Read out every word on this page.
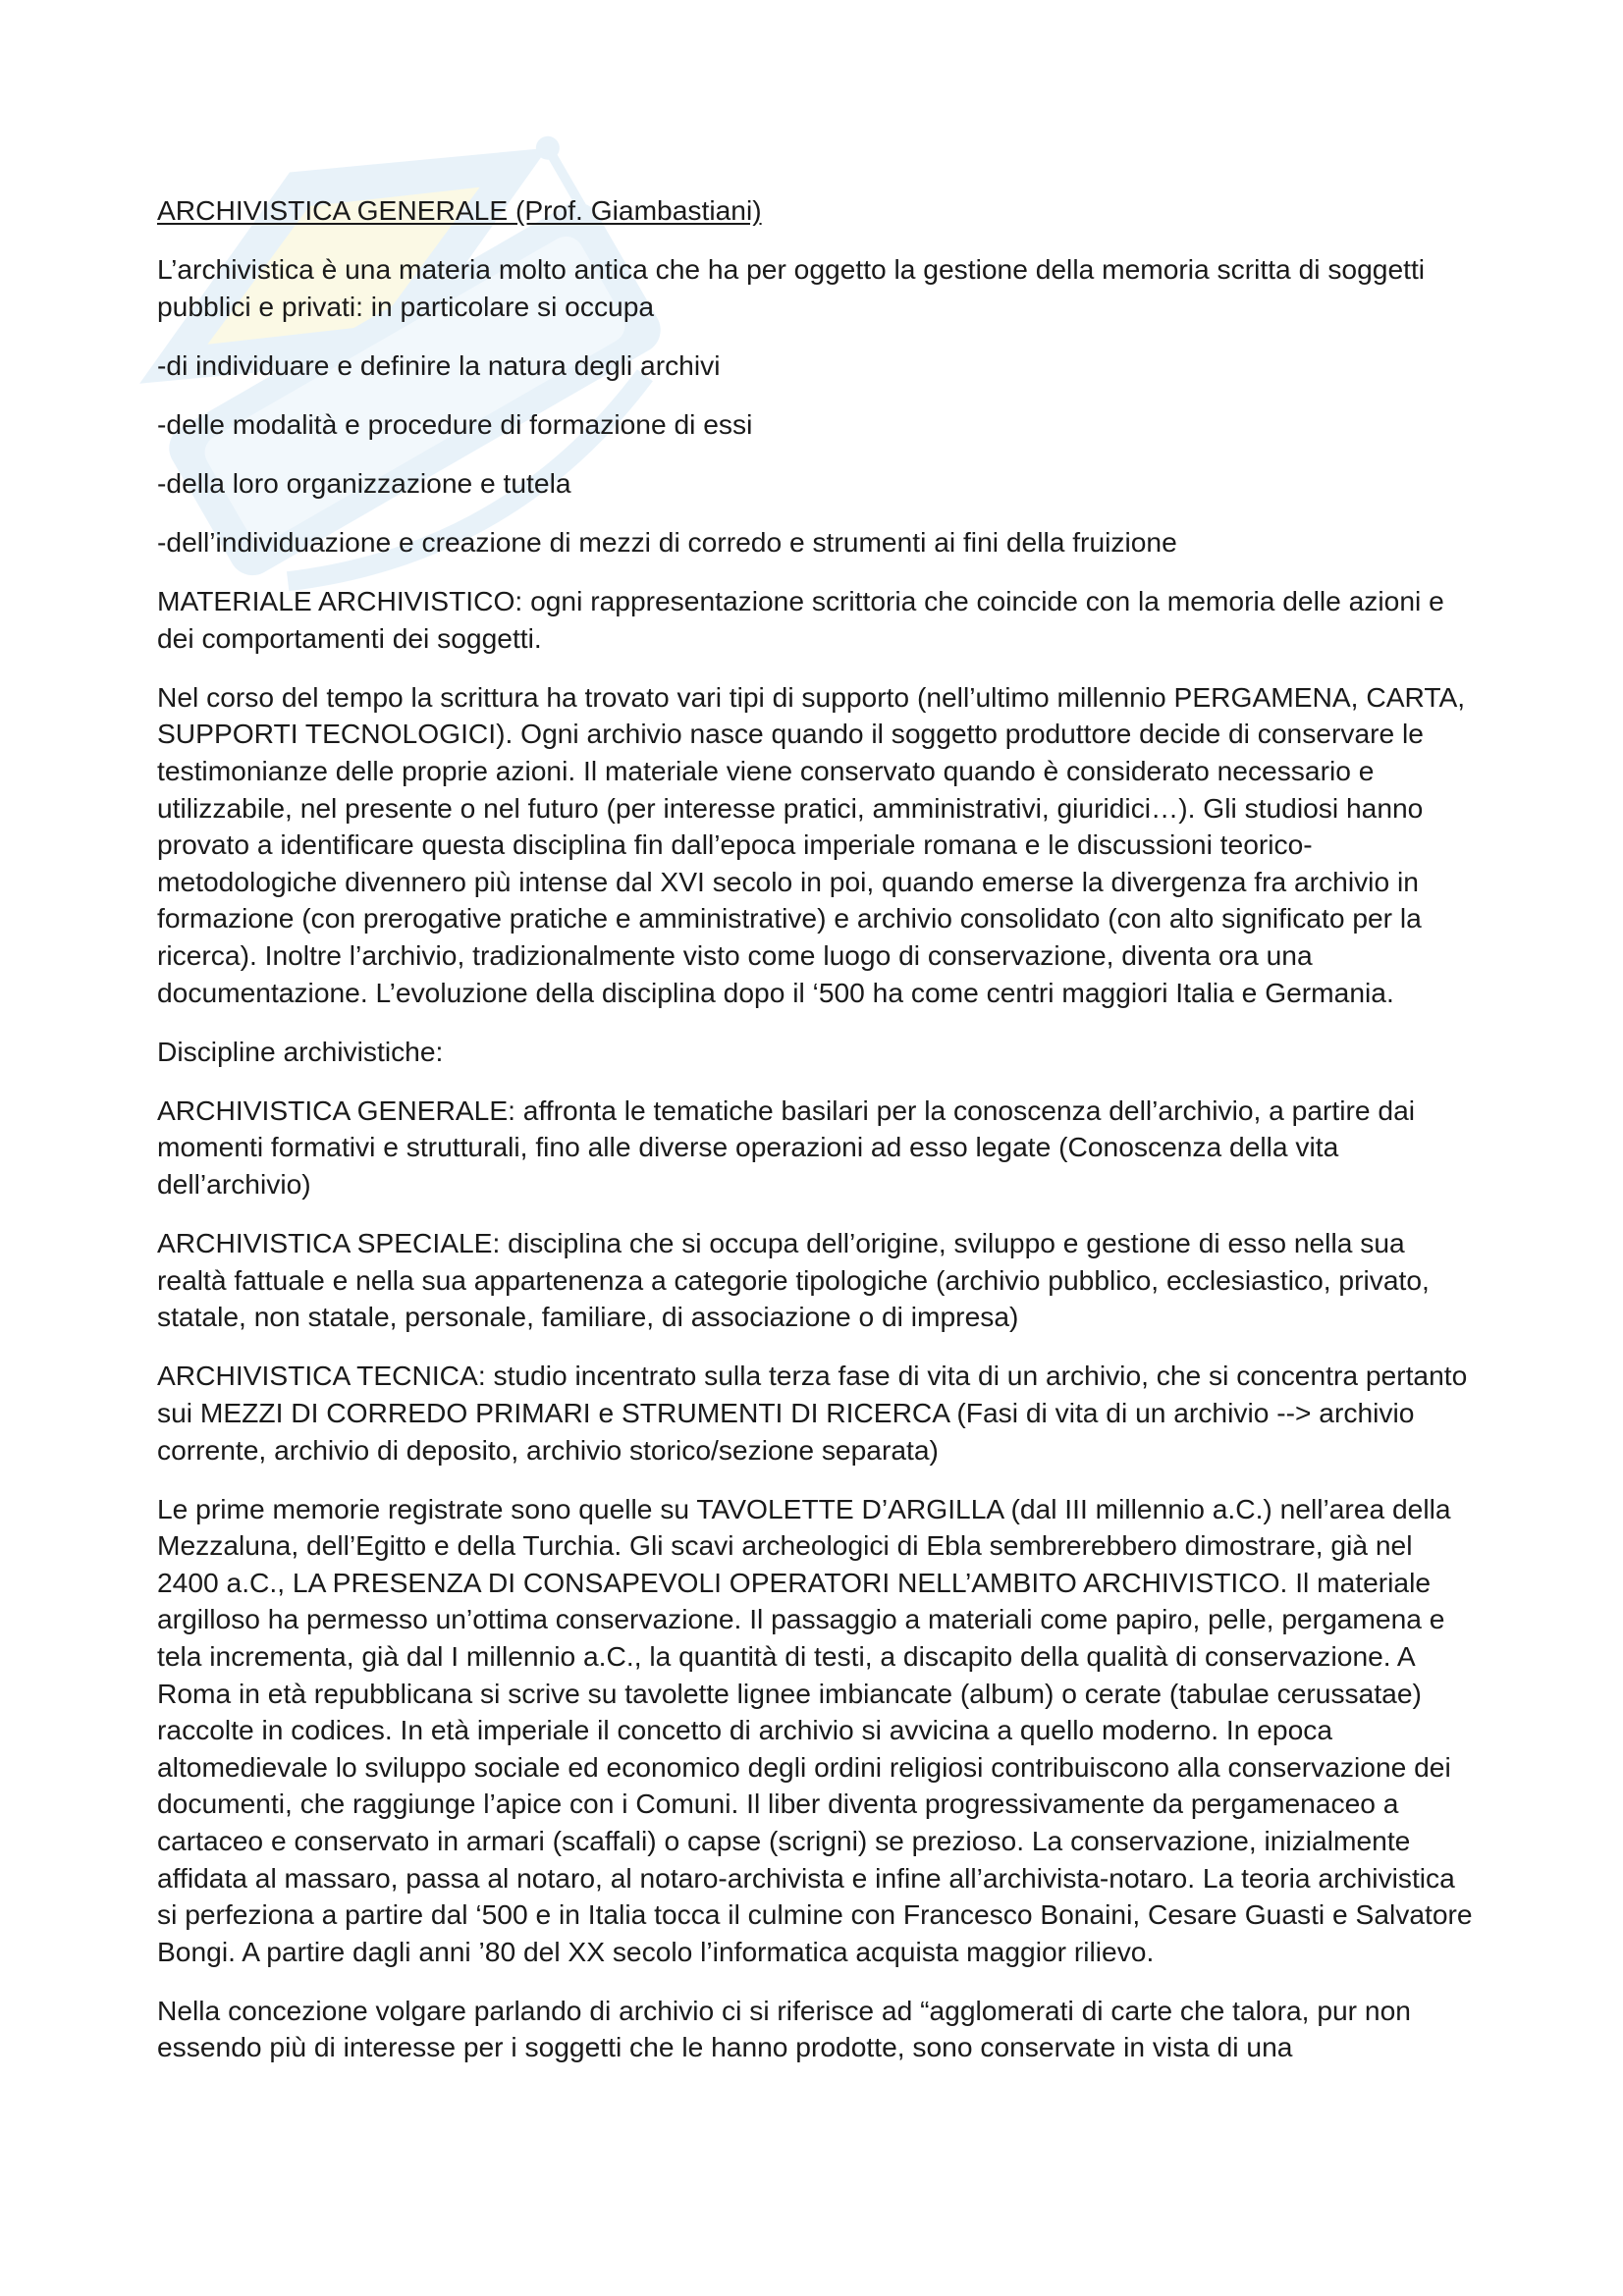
ARCHIVISTICA GENERALE (Prof. Giambastiani)

L’archivistica è una materia molto antica che ha per oggetto la gestione della memoria scritta di soggetti pubblici e privati: in particolare si occupa

-di individuare e definire la natura degli archivi

-delle modalità e procedure di formazione di essi

-della loro organizzazione e tutela

-dell’individuazione e creazione di mezzi di corredo e strumenti ai fini della fruizione

MATERIALE ARCHIVISTICO: ogni rappresentazione scrittoria che coincide con la memoria delle azioni e dei comportamenti dei soggetti.

Nel corso del tempo la scrittura ha trovato vari tipi di supporto (nell’ultimo millennio PERGAMENA, CARTA, SUPPORTI TECNOLOGICI). Ogni archivio nasce quando il soggetto produttore decide di conservare le testimonianze delle proprie azioni. Il materiale viene conservato quando è considerato necessario e utilizzabile, nel presente o nel futuro (per interesse pratici, amministrativi, giuridici…). Gli studiosi hanno provato a identificare questa disciplina fin dall’epoca imperiale romana e le discussioni teorico-metodologiche divennero più intense dal XVI secolo in poi, quando emerse la divergenza fra archivio in formazione (con prerogative pratiche e amministrative) e archivio consolidato (con alto significato per la ricerca). Inoltre l’archivio, tradizionalmente visto come luogo di conservazione, diventa ora una documentazione. L’evoluzione della disciplina dopo il ‘500 ha come centri maggiori Italia e Germania.

Discipline archivistiche:

ARCHIVISTICA GENERALE: affronta le tematiche basilari per la conoscenza dell’archivio, a partire dai momenti formativi e strutturali, fino alle diverse operazioni ad esso legate (Conoscenza della vita dell’archivio)

ARCHIVISTICA SPECIALE: disciplina che si occupa dell’origine, sviluppo e gestione di esso nella sua realtà fattuale e nella sua appartenenza a categorie tipologiche (archivio pubblico, ecclesiastico, privato, statale, non statale, personale, familiare, di associazione o di impresa)

ARCHIVISTICA TECNICA: studio incentrato sulla terza fase di vita di un archivio, che si concentra pertanto sui MEZZI DI CORREDO PRIMARI e STRUMENTI DI RICERCA (Fasi di vita di un archivio --> archivio corrente, archivio di deposito, archivio storico/sezione separata)

Le prime memorie registrate sono quelle su TAVOLETTE D’ARGILLA (dal III millennio a.C.) nell’area della Mezzaluna, dell’Egitto e della Turchia. Gli scavi archeologici di Ebla sembrerebbero dimostrare, già nel 2400 a.C., LA PRESENZA DI CONSAPEVOLI OPERATORI NELL’AMBITO ARCHIVISTICO. Il materiale argilloso ha permesso un’ottima conservazione. Il passaggio a materiali come papiro, pelle, pergamena e tela incrementa, già dal I millennio a.C., la quantità di testi, a discapito della qualità di conservazione. A Roma in età repubblicana si scrive su tavolette lignee imbiancate (album) o cerate (tabulae cerussatae) raccolte in codices. In età imperiale il concetto di archivio si avvicina a quello moderno. In epoca altomedievale lo sviluppo sociale ed economico degli ordini religiosi contribuiscono alla conservazione dei documenti, che raggiunge l’apice con i Comuni. Il liber diventa progressivamente da pergamenaceo a cartaceo e conservato in armari (scaffali) o capse (scrigni) se prezioso. La conservazione, inizialmente affidata al massaro, passa al notaro, al notaro-archivista e infine all’archivista-notaro. La teoria archivistica si perfeziona a partire dal ‘500 e in Italia tocca il culmine con Francesco Bonaini, Cesare Guasti e Salvatore Bongi. A partire dagli anni ’80 del XX secolo l’informatica acquista maggior rilievo.

Nella concezione volgare parlando di archivio ci si riferisce ad “agglomerati di carte che talora, pur non essendo più di interesse per i soggetti che le hanno prodotte, sono conservate in vista di una
